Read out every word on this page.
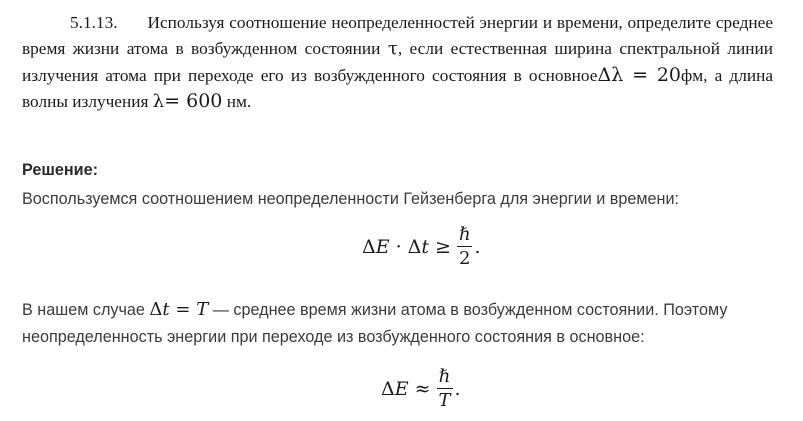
5.1.13. Используя соотношение неопределенностей энергии и времени, определите среднее
время жизни атома в возбужденном состоянии τ, если естественная ширина спектральной линии
излучения атома при переходе его из возбужденного состояния в основноеΔλ = 20фм, а длина
волны излучения λ= 600 нм.
Решение:
Воспользуемся соотношением неопределенности Гейзенберга для энергии и времени:
Δ E · Δ $t \ge \frac{\text{ℏ}}{2}$ .
В нашем случае Δt = T — среднее время жизни атома в возбужденном состоянии. Поэтому
неопределенность энергии при переходе из возбужденного состояния в основное:
Δ $E \approx \frac{\text{ℏ}}{T}$ .
